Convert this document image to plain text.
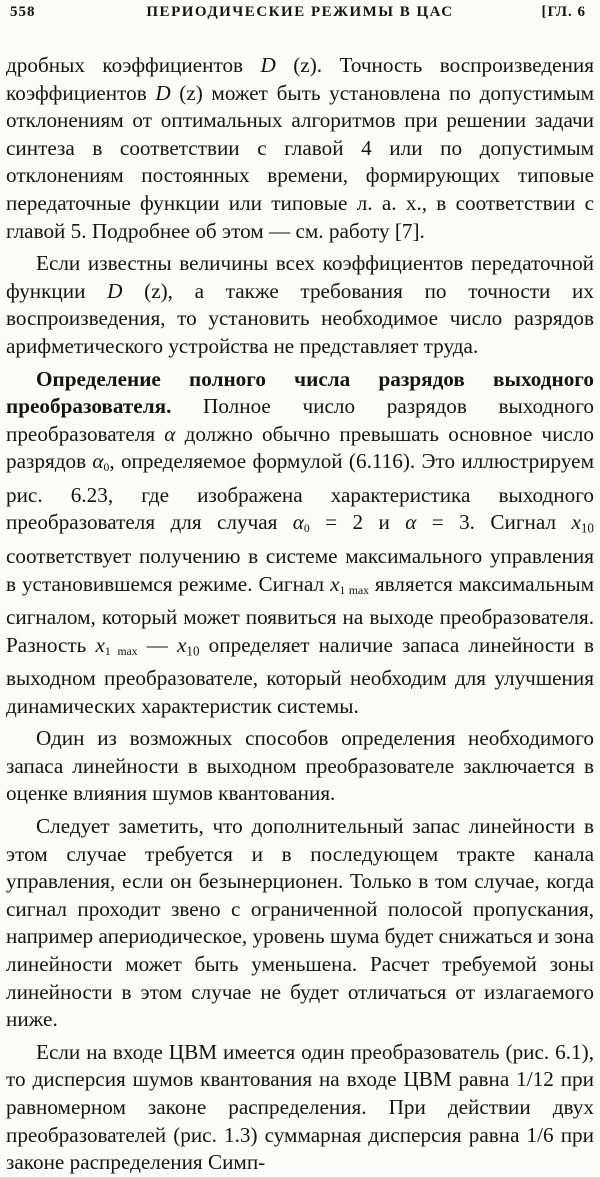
558	ПЕРИОДИЧЕСКИЕ РЕЖИМЫ В ЦАС	[ГЛ. 6

дробных коэффициентов D (z). Точность воспроизведения коэффициентов D (z) может быть установлена по допустимым отклонениям от оптимальных алгоритмов при решении задачи синтеза в соответствии с главой 4 или по допустимым отклонениям постоянных времени, формирующих типовые передаточные функции или типовые л. а. х., в соответствии с главой 5. Подробнее об этом — см. работу [7].

Если известны величины всех коэффициентов передаточной функции D (z), а также требования по точности их воспроизведения, то установить необходимое число разрядов арифметического устройства не представляет труда.

Определение полного числа разрядов выходного преобразователя. Полное число разрядов выходного преобразователя α должно обычно превышать основное число разрядов α0, определяемое формулой (6.116). Это иллюстрируем рис. 6.23, где изображена характеристика выходного преобразователя для случая α0 = 2 и α = 3. Сигнал $x_{10}$ соответствует получению в системе максимального управления в установившемся режиме. Сигнал x1 max является максимальным сигналом, который может появиться на выходе преобразователя. Разность x1 max — $x_{10}$ определяет наличие запаса линейности в выходном преобразователе, который необходим для улучшения динамических характеристик системы.

Один из возможных способов определения необходимого запаса линейности в выходном преобразователе заключается в оценке влияния шумов квантования.

Следует заметить, что дополнительный запас линейности в этом случае требуется и в последующем тракте канала управления, если он безынерционен. Только в том случае, когда сигнал проходит звено с ограниченной полосой пропускания, например апериодическое, уровень шума будет снижаться и зона линейности может быть уменьшена. Расчет требуемой зоны линейности в этом случае не будет отличаться от излагаемого ниже.

Если на входе ЦВМ имеется один преобразователь (рис. 6.1), то дисперсия шумов квантования на входе ЦВМ равна 1/12 при равномерном законе распределения. При действии двух преобразователей (рис. 1.3) суммарная дисперсия равна 1/6 при законе распределения Симп-
